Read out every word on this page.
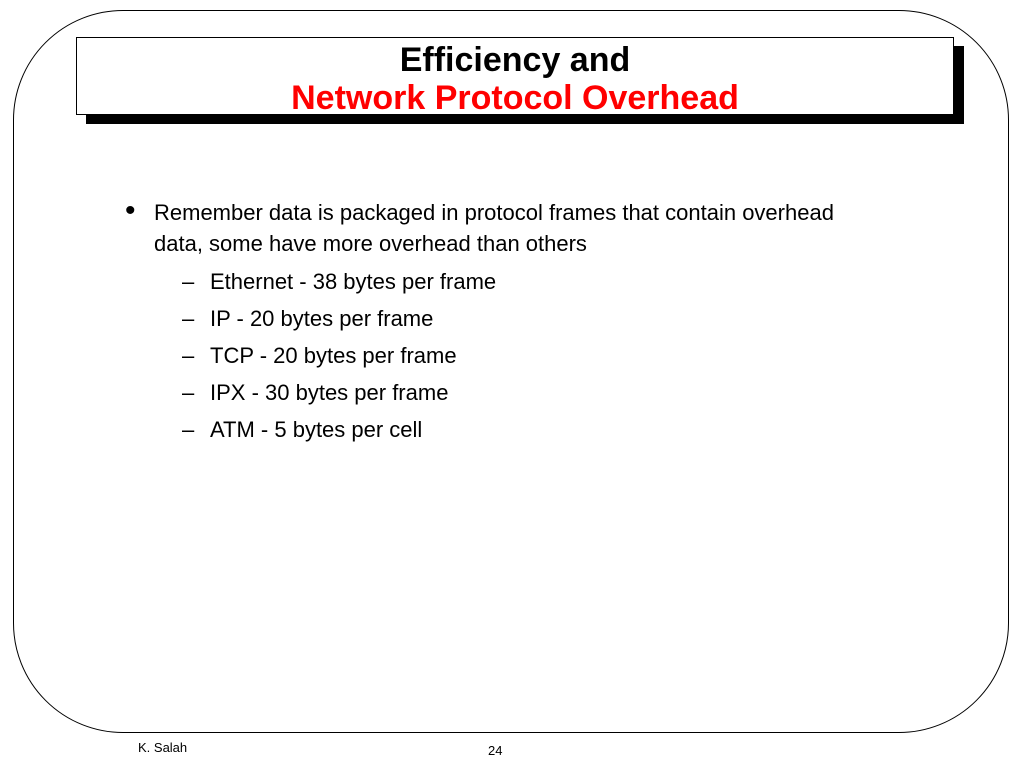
Efficiency and
Network Protocol Overhead
• Remember data is packaged in protocol frames that contain overhead data, some have more overhead than others
– Ethernet - 38 bytes per frame
– IP - 20 bytes per frame
– TCP - 20 bytes per frame
– IPX - 30 bytes per frame
– ATM - 5 bytes per cell
K. Salah	24
